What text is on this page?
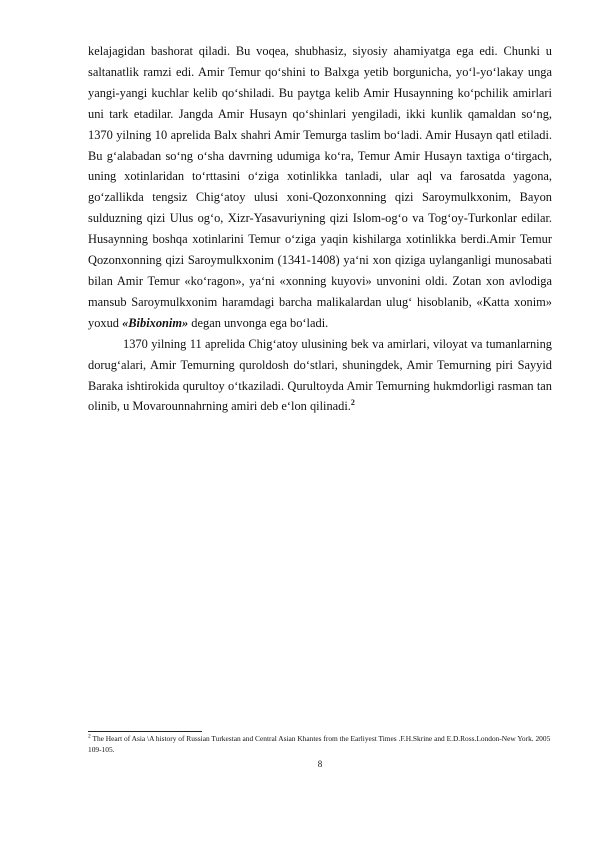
kelajagidan bashorat qiladi. Bu voqea, shubhasiz, siyosiy ahamiyatga ega edi. Chunki u saltanatlik ramzi edi. Amir Temur qo‘shini to Balxga yetib borgunicha, yo‘l-yo‘lakay unga yangi-yangi kuchlar kelib qo‘shiladi. Bu paytga kelib Amir Husaynning ko‘pchilik amirlari uni tark etadilar. Jangda Amir Husayn qo‘shinlari yengiladi, ikki kunlik qamaldan so‘ng, 1370 yilning 10 aprelida Balx shahri Amir Temurga taslim bo‘ladi. Amir Husayn qatl etiladi. Bu g‘alabadan so‘ng o‘sha davrning udumiga ko‘ra, Temur Amir Husayn taxtiga o‘tirgach, uning xotinlaridan to‘rttasini o‘ziga xotinlikka tanladi, ular aql va farosatda yagona, go‘zallikda tengsiz Chig‘atoy ulusi xoni-Qozonxonning qizi Saroymulkxonim, Bayon sulduzning qizi Ulus og‘o, Xizr-Yasavuriyning qizi Islom-og‘o va Tog‘oy-Turkonlar edilar. Husaynning boshqa xotinlarini Temur o‘ziga yaqin kishilarga xotinlikka berdi.Amir Temur Qozonxonning qizi Saroymulkxonim (1341-1408) ya‘ni xon qiziga uylanganligi munosabati bilan Amir Temur «ko‘ragon», ya‘ni «xonning kuyovi» unvonini oldi. Zotan xon avlodiga mansub Saroymulkxonim haramdagi barcha malikalardan ulug‘ hisoblanib, «Katta xonim» yoxud «Bibixonim» degan unvonga ega bo‘ladi.

1370 yilning 11 aprelida Chig‘atoy ulusining bek va amirlari, viloyat va tumanlarning dorug‘alari, Amir Temurning quroldosh do‘stlari, shuningdek, Amir Temurning piri Sayyid Baraka ishtirokida qurultoy o‘tkaziladi. Qurultoyda Amir Temurning hukmdorligi rasman tan olinib, u Movarounnahrning amiri deb e‘lon qilinadi.$^2$

$^2$ The Heart of Asia \A history of Russian Turkestan and Central Asian Khantes from the Earliyest Times .F.H.Skrine and E.D.Ross.London-New York. 2005 109-105.
8
